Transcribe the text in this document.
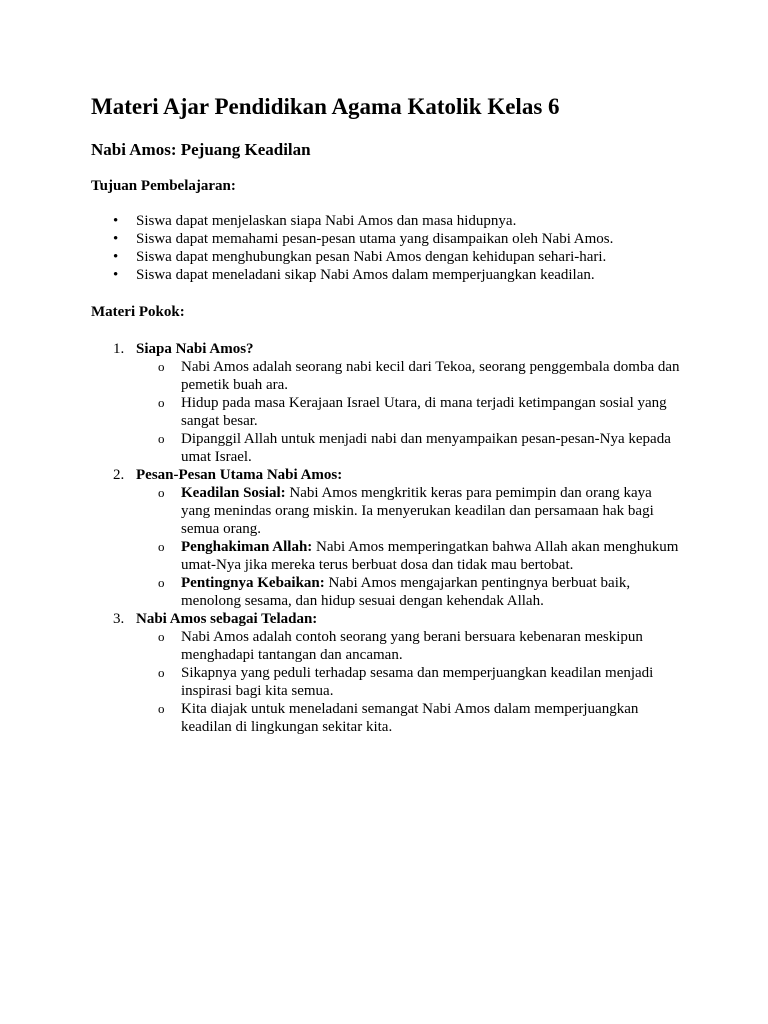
Materi Ajar Pendidikan Agama Katolik Kelas 6
Nabi Amos: Pejuang Keadilan
Tujuan Pembelajaran:
• Siswa dapat menjelaskan siapa Nabi Amos dan masa hidupnya.
• Siswa dapat memahami pesan-pesan utama yang disampaikan oleh Nabi Amos.
• Siswa dapat menghubungkan pesan Nabi Amos dengan kehidupan sehari-hari.
• Siswa dapat meneladani sikap Nabi Amos dalam memperjuangkan keadilan.
Materi Pokok:
1. Siapa Nabi Amos?
o Nabi Amos adalah seorang nabi kecil dari Tekoa, seorang penggembala domba dan pemetik buah ara.
o Hidup pada masa Kerajaan Israel Utara, di mana terjadi ketimpangan sosial yang sangat besar.
o Dipanggil Allah untuk menjadi nabi dan menyampaikan pesan-pesan-Nya kepada umat Israel.
2. Pesan-Pesan Utama Nabi Amos:
o Keadilan Sosial: Nabi Amos mengkritik keras para pemimpin dan orang kaya yang menindas orang miskin. Ia menyerukan keadilan dan persamaan hak bagi semua orang.
o Penghakiman Allah: Nabi Amos memperingatkan bahwa Allah akan menghukum umat-Nya jika mereka terus berbuat dosa dan tidak mau bertobat.
o Pentingnya Kebaikan: Nabi Amos mengajarkan pentingnya berbuat baik, menolong sesama, dan hidup sesuai dengan kehendak Allah.
3. Nabi Amos sebagai Teladan:
o Nabi Amos adalah contoh seorang yang berani bersuara kebenaran meskipun menghadapi tantangan dan ancaman.
o Sikapnya yang peduli terhadap sesama dan memperjuangkan keadilan menjadi inspirasi bagi kita semua.
o Kita diajak untuk meneladani semangat Nabi Amos dalam memperjuangkan keadilan di lingkungan sekitar kita.
